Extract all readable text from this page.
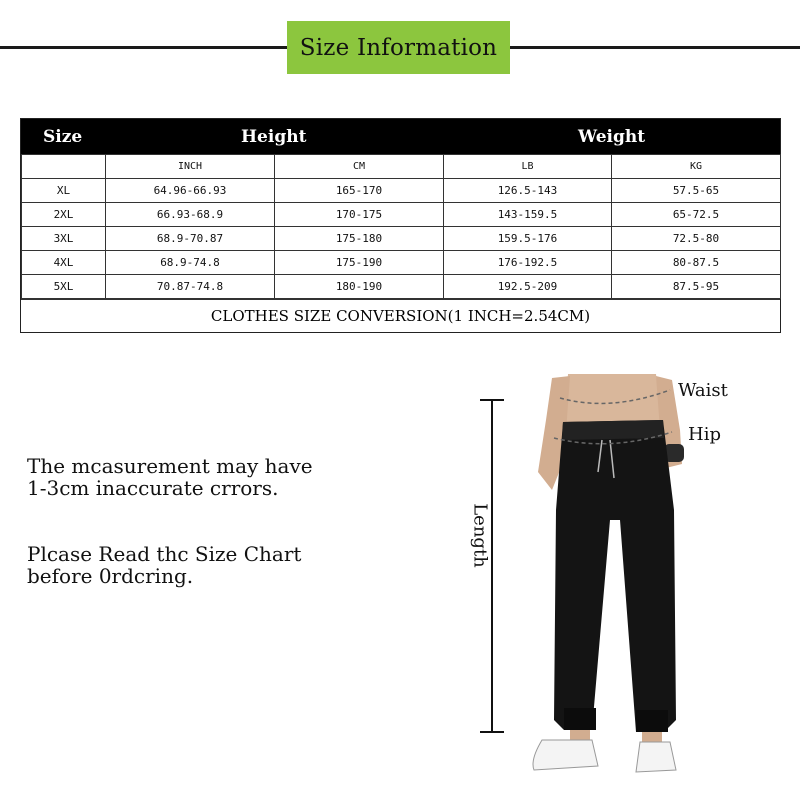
Size Information
Size	Height	Weight
	INCH	CM	LB	KG
XL	64.96-66.93	165-170	126.5-143	57.5-65
2XL	66.93-68.9	170-175	143-159.5	65-72.5
3XL	68.9-70.87	175-180	159.5-176	72.5-80
4XL	68.9-74.8	175-190	176-192.5	80-87.5
5XL	70.87-74.8	180-190	192.5-209	87.5-95
CLOTHES SIZE CONVERSION(1 INCH=2.54CM)
The mcasurement may have
1-3cm inaccurate crrors.
Plcase Read thc Size Chart
before 0rdcring.
Waist
Hip
Length
